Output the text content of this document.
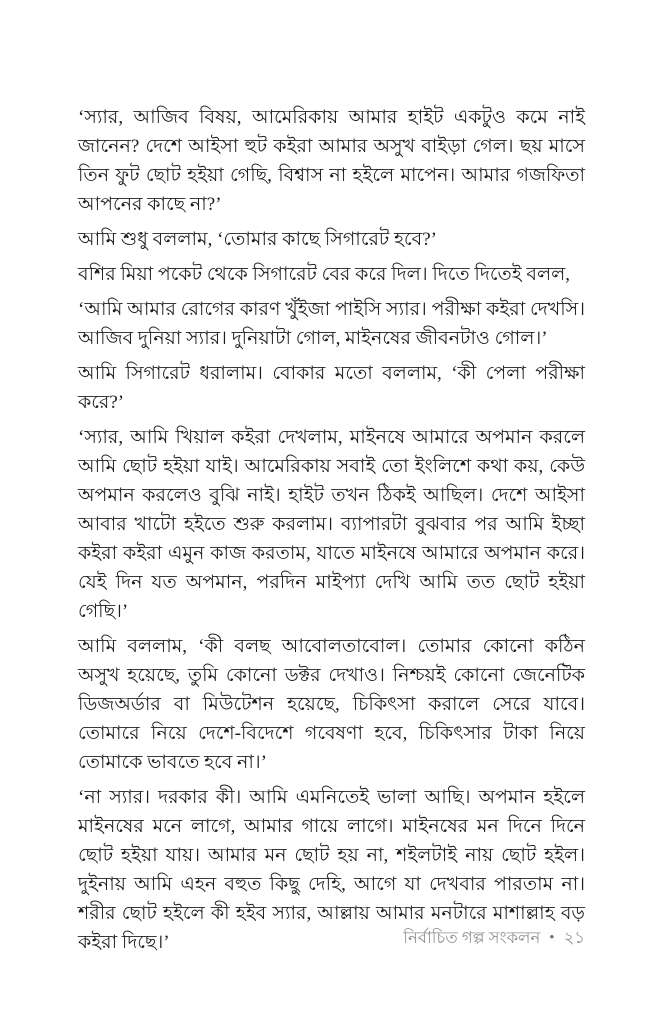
‘স্যার, আজিব বিষয়, আমেরিকায় আমার হাইট একটুও কমে নাই জানেন? দেশে আইসা হুট কইরা আমার অসুখ বাইড়া গেল। ছয় মাসে তিন ফুট ছোট হইয়া গেছি, বিশ্বাস না হইলে মাপেন। আমার গজফিতা আপনের কাছে না?’

আমি শুধু বললাম, ‘তোমার কাছে সিগারেট হবে?’

বশির মিয়া পকেট থেকে সিগারেট বের করে দিল। দিতে দিতেই বলল,

‘আমি আমার রোগের কারণ খুঁইজা পাইসি স্যার। পরীক্ষা কইরা দেখসি। আজিব দুনিয়া স্যার। দুনিয়াটা গোল, মাইনষের জীবনটাও গোল।’

আমি সিগারেট ধরালাম। বোকার মতো বললাম, ‘কী পেলা পরীক্ষা করে?’

‘স্যার, আমি খিয়াল কইরা দেখলাম, মাইনষে আমারে অপমান করলে আমি ছোট হইয়া যাই। আমেরিকায় সবাই তো ইংলিশে কথা কয়, কেউ অপমান করলেও বুঝি নাই। হাইট তখন ঠিকই আছিল। দেশে আইসা আবার খাটো হইতে শুরু করলাম। ব্যাপারটা বুঝবার পর আমি ইচ্ছা কইরা কইরা এমুন কাজ করতাম, যাতে মাইনষে আমারে অপমান করে। যেই দিন যত অপমান, পরদিন মাইপ্যা দেখি আমি তত ছোট হইয়া গেছি।’

আমি বললাম, ‘কী বলছ আবোলতাবোল। তোমার কোনো কঠিন অসুখ হয়েছে, তুমি কোনো ডক্টর দেখাও। নিশ্চয়ই কোনো জেনেটিক ডিজঅর্ডার বা মিউটেশন হয়েছে, চিকিৎসা করালে সেরে যাবে। তোমারে নিয়ে দেশে-বিদেশে গবেষণা হবে, চিকিৎসার টাকা নিয়ে তোমাকে ভাবতে হবে না।’

‘না স্যার। দরকার কী। আমি এমনিতেই ভালা আছি। অপমান হইলে মাইনষের মনে লাগে, আমার গায়ে লাগে। মাইনষের মন দিনে দিনে ছোট হইয়া যায়। আমার মন ছোট হয় না, শইলটাই নায় ছোট হইল। দুইনায় আমি এহন বহুত কিছু দেহি, আগে যা দেখবার পারতাম না। শরীর ছোট হইলে কী হইব স্যার, আল্লায় আমার মনটারে মাশাল্লাহ বড় কইরা দিছে।’	নির্বাচিত গল্প সংকলন • ২১
